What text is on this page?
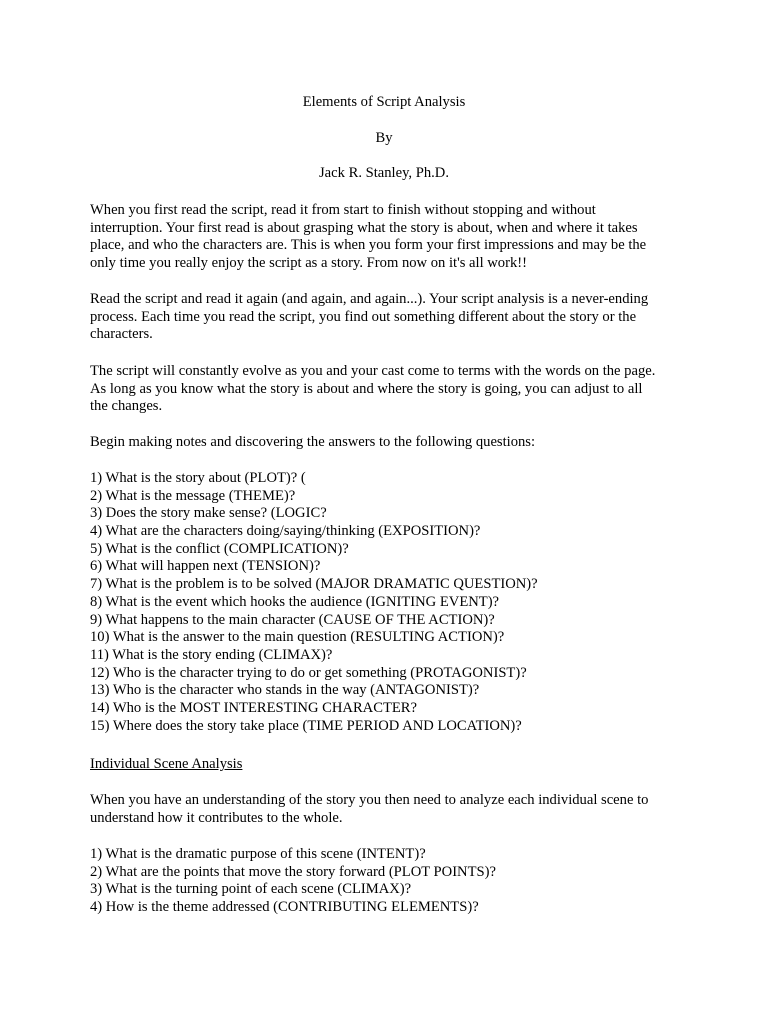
Elements of Script Analysis
By
Jack R. Stanley, Ph.D.
When you first read the script, read it from start to finish without stopping and without
interruption. Your first read is about grasping what the story is about, when and where it takes
place, and who the characters are. This is when you form your first impressions and may be the
only time you really enjoy the script as a story. From now on it's all work!!
Read the script and read it again (and again, and again...). Your script analysis is a never-ending
process. Each time you read the script, you find out something different about the story or the
characters.
The script will constantly evolve as you and your cast come to terms with the words on the page.
As long as you know what the story is about and where the story is going, you can adjust to all
the changes.
Begin making notes and discovering the answers to the following questions:
1) What is the story about (PLOT)? (
2) What is the message (THEME)?
3) Does the story make sense? (LOGIC?
4) What are the characters doing/saying/thinking (EXPOSITION)?
5) What is the conflict (COMPLICATION)?
6) What will happen next (TENSION)?
7) What is the problem is to be solved (MAJOR DRAMATIC QUESTION)?
8) What is the event which hooks the audience (IGNITING EVENT)?
9) What happens to the main character (CAUSE OF THE ACTION)?
10) What is the answer to the main question (RESULTING ACTION)?
11) What is the story ending (CLIMAX)?
12) Who is the character trying to do or get something (PROTAGONIST)?
13) Who is the character who stands in the way (ANTAGONIST)?
14) Who is the MOST INTERESTING CHARACTER?
15) Where does the story take place (TIME PERIOD AND LOCATION)?
Individual Scene Analysis
When you have an understanding of the story you then need to analyze each individual scene to
understand how it contributes to the whole.
1) What is the dramatic purpose of this scene (INTENT)?
2) What are the points that move the story forward (PLOT POINTS)?
3) What is the turning point of each scene (CLIMAX)?
4) How is the theme addressed (CONTRIBUTING ELEMENTS)?
